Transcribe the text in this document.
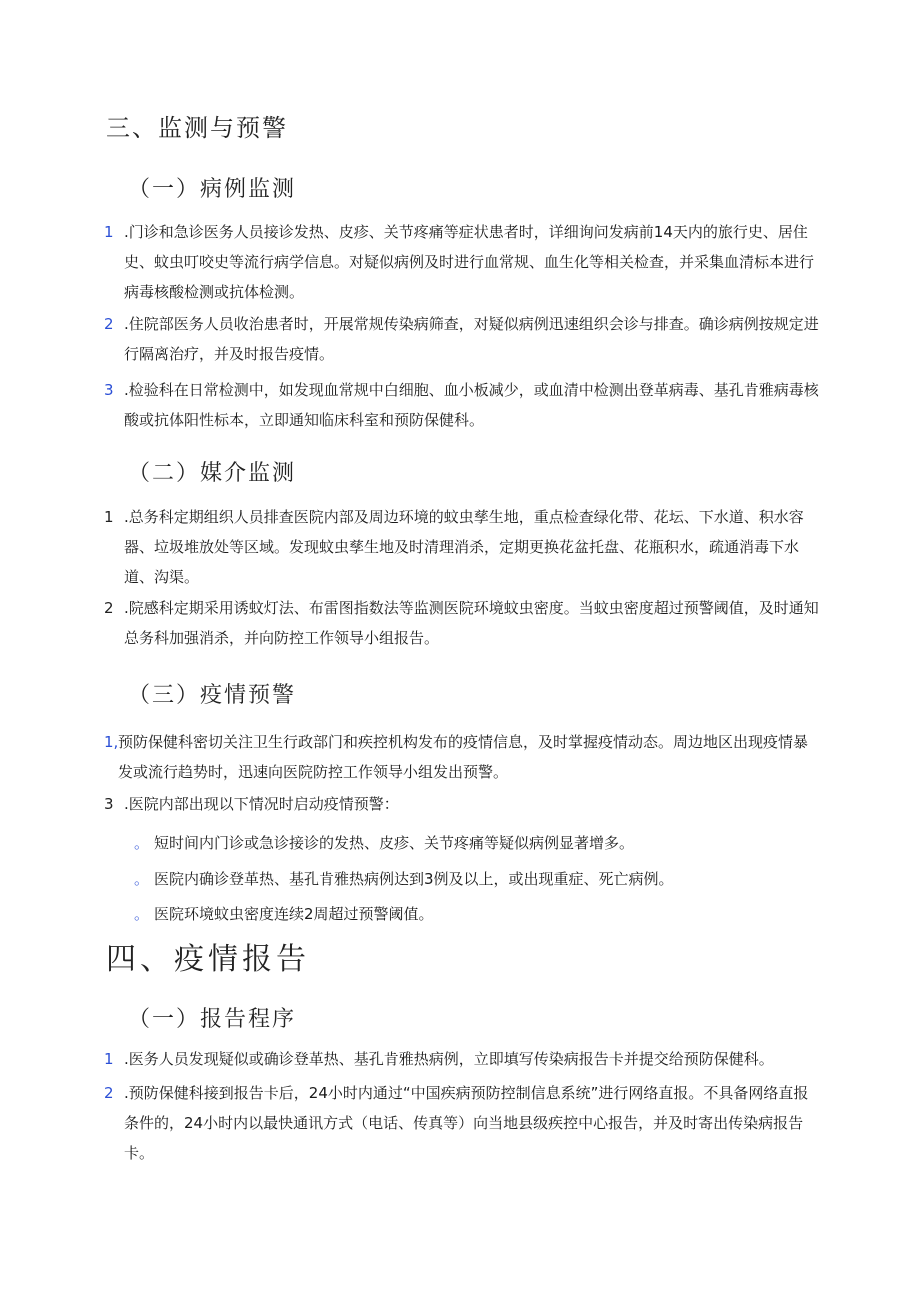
三、监测与预警
（一）病例监测
1 .门诊和急诊医务人员接诊发热、皮疹、关节疼痛等症状患者时，详细询问发病前14天内的旅行史、居住史、蚊虫叮咬史等流行病学信息。对疑似病例及时进行血常规、血生化等相关检查，并采集血清标本进行病毒核酸检测或抗体检测。
2 .住院部医务人员收治患者时，开展常规传染病筛查，对疑似病例迅速组织会诊与排查。确诊病例按规定进行隔离治疗，并及时报告疫情。
3 .检验科在日常检测中，如发现血常规中白细胞、血小板减少，或血清中检测出登革病毒、基孔肯雅病毒核酸或抗体阳性标本，立即通知临床科室和预防保健科。
（二）媒介监测
1 .总务科定期组织人员排查医院内部及周边环境的蚊虫孳生地，重点检查绿化带、花坛、下水道、积水容器、垃圾堆放处等区域。发现蚊虫孳生地及时清理消杀，定期更换花盆托盘、花瓶积水，疏通消毒下水道、沟渠。
2 .院感科定期采用诱蚊灯法、布雷图指数法等监测医院环境蚊虫密度。当蚊虫密度超过预警阈值，及时通知总务科加强消杀，并向防控工作领导小组报告。
（三）疫情预警
1, 预防保健科密切关注卫生行政部门和疾控机构发布的疫情信息，及时掌握疫情动态。周边地区出现疫情暴发或流行趋势时，迅速向医院防控工作领导小组发出预警。
3 .医院内部出现以下情况时启动疫情预警：
。 短时间内门诊或急诊接诊的发热、皮疹、关节疼痛等疑似病例显著增多。
。 医院内确诊登革热、基孔肯雅热病例达到3例及以上，或出现重症、死亡病例。
。 医院环境蚊虫密度连续2周超过预警阈值。
四、疫情报告
（一）报告程序
1 .医务人员发现疑似或确诊登革热、基孔肯雅热病例，立即填写传染病报告卡并提交给预防保健科。
2 .预防保健科接到报告卡后，24小时内通过“中国疾病预防控制信息系统”进行网络直报。不具备网络直报条件的，24小时内以最快通讯方式（电话、传真等）向当地县级疾控中心报告，并及时寄出传染病报告卡。
